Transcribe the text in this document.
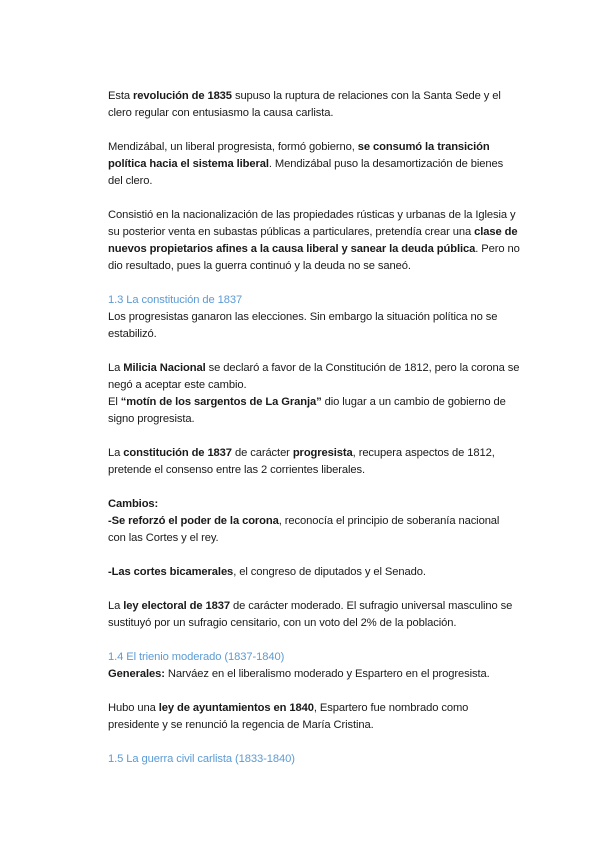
Esta revolución de 1835 supuso la ruptura de relaciones con la Santa Sede y el clero regular con entusiasmo la causa carlista.

Mendizábal, un liberal progresista, formó gobierno, se consumó la transición política hacia el sistema liberal. Mendizábal puso la desamortización de bienes del clero.

Consistió en la nacionalización de las propiedades rústicas y urbanas de la Iglesia y su posterior venta en subastas públicas a particulares, pretendía crear una clase de nuevos propietarios afines a la causa liberal y sanear la deuda pública. Pero no dio resultado, pues la guerra continuó y la deuda no se saneó.

1.3 La constitución de 1837

Los progresistas ganaron las elecciones. Sin embargo la situación política no se estabilizó.

La Milicia Nacional se declaró a favor de la Constitución de 1812, pero la corona se negó a aceptar este cambio.

El “motín de los sargentos de La Granja” dio lugar a un cambio de gobierno de signo progresista.

La constitución de 1837 de carácter progresista, recupera aspectos de 1812, pretende el consenso entre las 2 corrientes liberales.

Cambios:

-Se reforzó el poder de la corona, reconocía el principio de soberanía nacional con las Cortes y el rey.

-Las cortes bicamerales, el congreso de diputados y el Senado.

La ley electoral de 1837 de carácter moderado. El sufragio universal masculino se sustituyó por un sufragio censitario, con un voto del 2% de la población.

1.4 El trienio moderado (1837-1840)

Generales: Narváez en el liberalismo moderado y Espartero en el progresista.

Hubo una ley de ayuntamientos en 1840, Espartero fue nombrado como presidente y se renunció la regencia de María Cristina.

1.5 La guerra civil carlista (1833-1840)
